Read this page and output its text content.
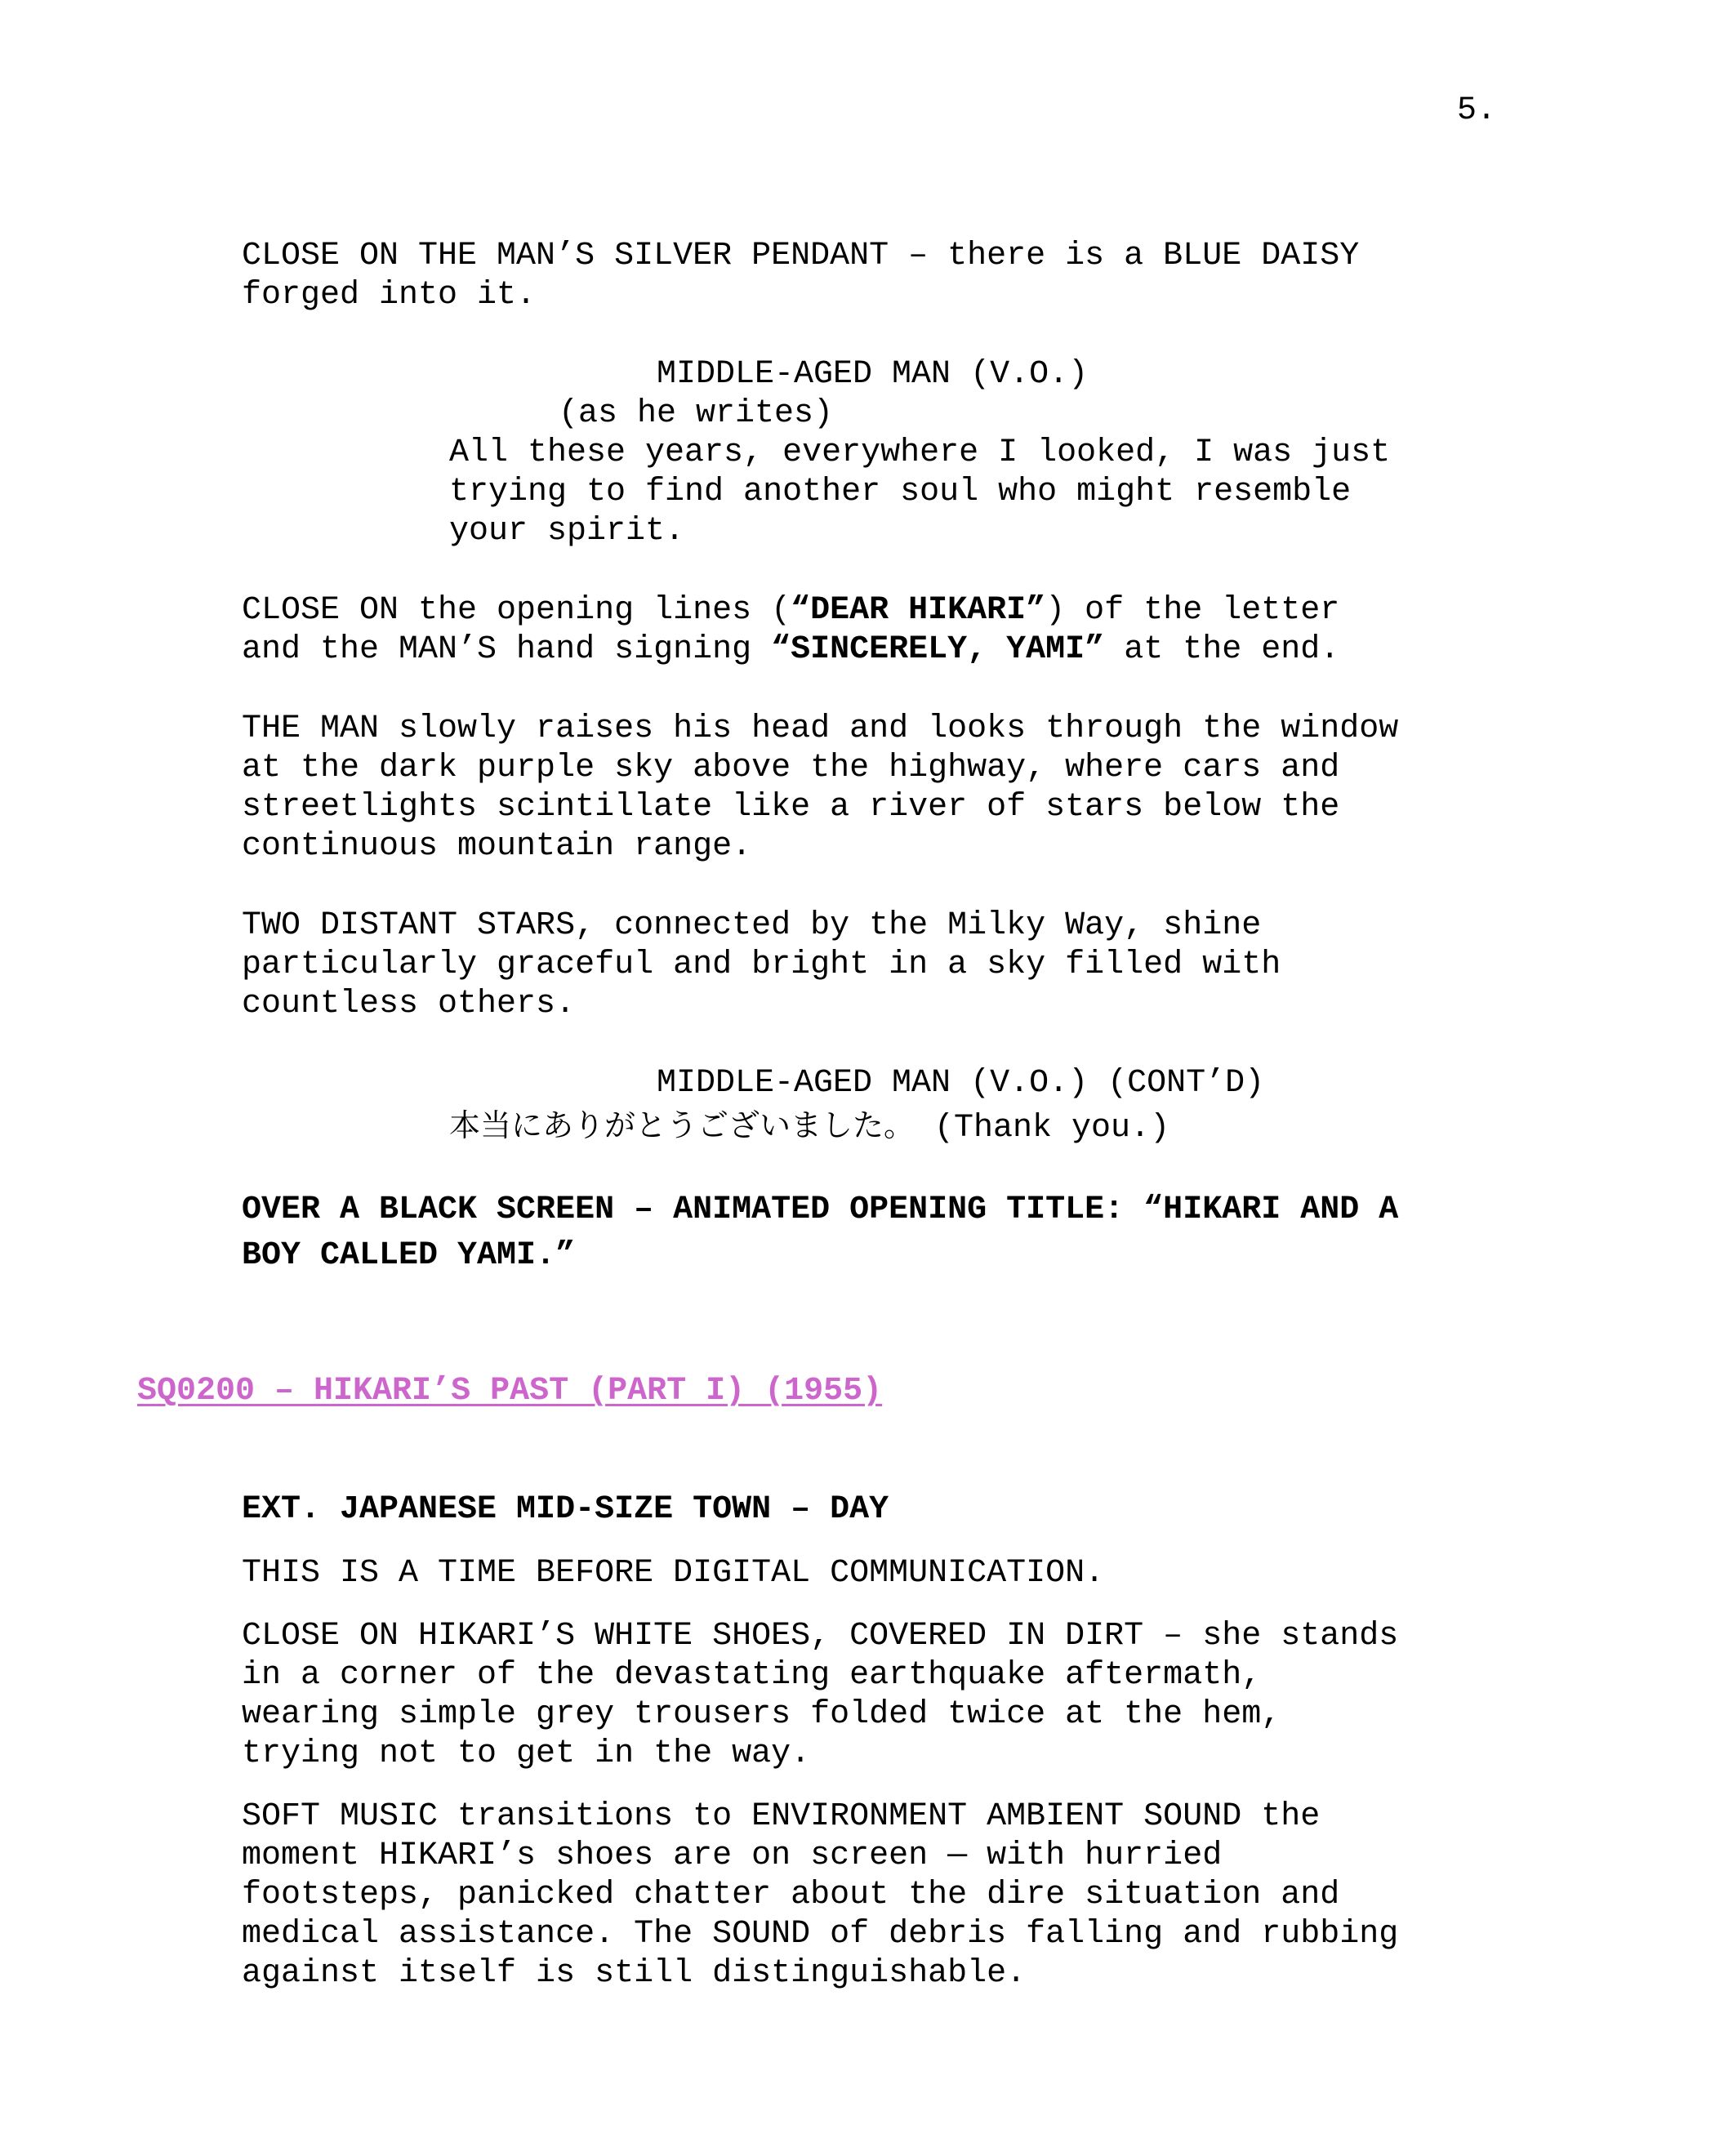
5.
CLOSE ON THE MAN’S SILVER PENDANT – there is a BLUE DAISY
forged into it.
MIDDLE-AGED MAN (V.O.)
(as he writes)
All these years, everywhere I looked, I was just
trying to find another soul who might resemble
your spirit.
CLOSE ON the opening lines (“DEAR HIKARI”) of the letter
and the MAN’S hand signing “SINCERELY, YAMI” at the end.
THE MAN slowly raises his head and looks through the window
at the dark purple sky above the highway, where cars and
streetlights scintillate like a river of stars below the
continuous mountain range.
TWO DISTANT STARS, connected by the Milky Way, shine
particularly graceful and bright in a sky filled with
countless others.
MIDDLE-AGED MAN (V.O.) (CONT’D)
本当にありがとうございました。 (Thank you.)
OVER A BLACK SCREEN – ANIMATED OPENING TITLE: “HIKARI AND A
BOY CALLED YAMI.”
SQ0200 – HIKARI’S PAST (PART I) (1955)
EXT. JAPANESE MID-SIZE TOWN – DAY
THIS IS A TIME BEFORE DIGITAL COMMUNICATION.
CLOSE ON HIKARI’S WHITE SHOES, COVERED IN DIRT – she stands
in a corner of the devastating earthquake aftermath,
wearing simple grey trousers folded twice at the hem,
trying not to get in the way.
SOFT MUSIC transitions to ENVIRONMENT AMBIENT SOUND the
moment HIKARI’s shoes are on screen — with hurried
footsteps, panicked chatter about the dire situation and
medical assistance. The SOUND of debris falling and rubbing
against itself is still distinguishable.
